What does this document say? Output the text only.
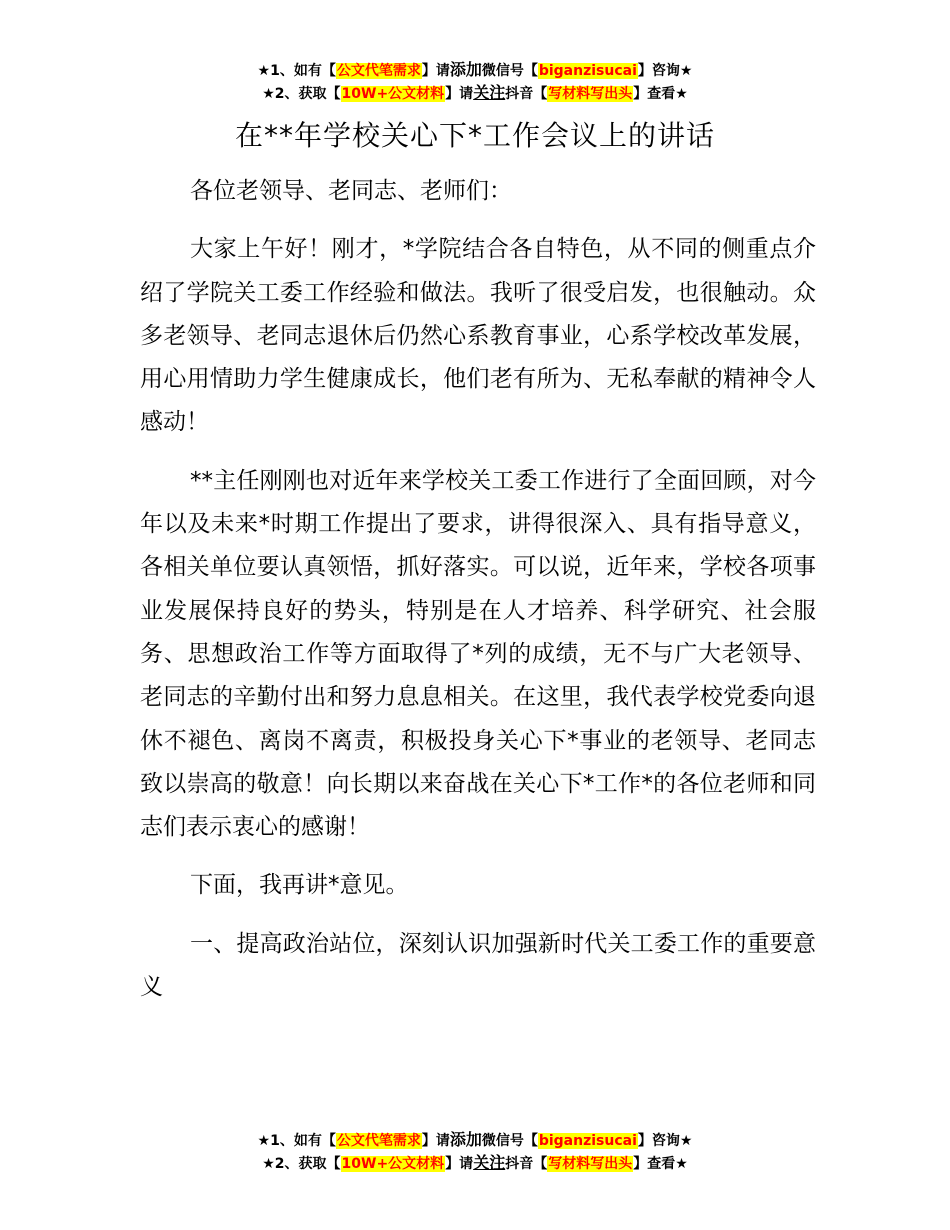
★1、如有【公文代笔需求】请添加微信号【biganzisucai】咨询★
★2、获取【10W+公文材料】请关注抖音【写材料写出头】查看★
在**年学校关心下*工作会议上的讲话

各位老领导、老同志、老师们：

大家上午好！刚才，*学院结合各自特色，从不同的侧重点介绍了学院关工委工作经验和做法。我听了很受启发，也很触动。众多老领导、老同志退休后仍然心系教育事业，心系学校改革发展，用心用情助力学生健康成长，他们老有所为、无私奉献的精神令人感动！

**主任刚刚也对近年来学校关工委工作进行了全面回顾，对今年以及未来*时期工作提出了要求，讲得很深入、具有指导意义，各相关单位要认真领悟，抓好落实。可以说，近年来，学校各项事业发展保持良好的势头，特别是在人才培养、科学研究、社会服务、思想政治工作等方面取得了*列的成绩，无不与广大老领导、老同志的辛勤付出和努力息息相关。在这里，我代表学校党委向退休不褪色、离岗不离责，积极投身关心下*事业的老领导、老同志致以崇高的敬意！向长期以来奋战在关心下*工作*的各位老师和同志们表示衷心的感谢！

下面，我再讲*意见。

一、提高政治站位，深刻认识加强新时代关工委工作的重要意义

★1、如有【公文代笔需求】请添加微信号【biganzisucai】咨询★
★2、获取【10W+公文材料】请关注抖音【写材料写出头】查看★
